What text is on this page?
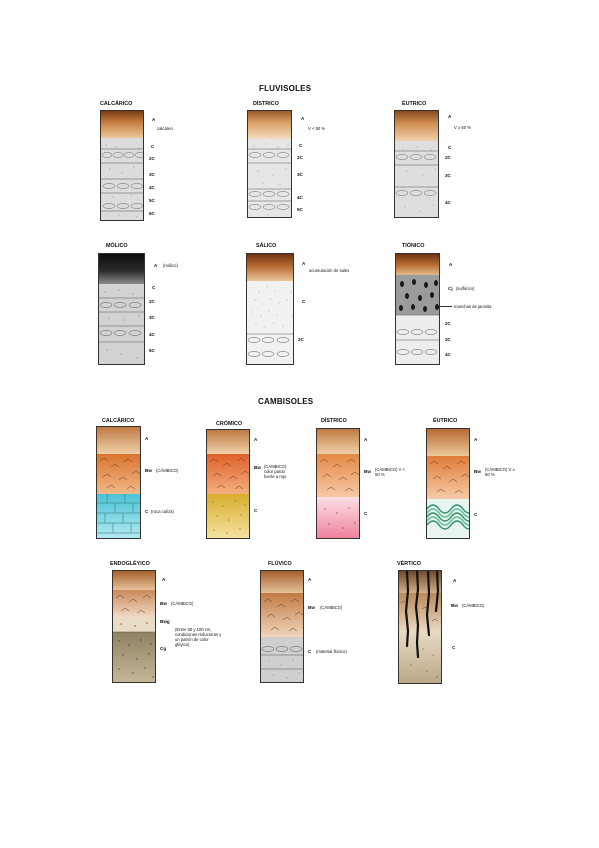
FLUVISOLES
CALCÁRICO
A
calcáreo
C
2C
3C
4C
5C
6C
DÍSTRICO
A
V < 50 %
C
2C
3C
4C
5C
ÉUTRICO
A
V ≥ 50 %
C
2C
3C
4C
MÓLICO
A (mólico)
C
2C
3C
4C
5C
SÁLICO
A
acumulación de sales
C
2C
TIÓNICO
A
Cj (sulfúrico)
manchas de jarosita
2C
3C
4C
CAMBISOLES
CALCÁRICO
A
Bw (CÁMBICO)
C (roca caliza)
CRÓMICO
A
Bw (CÁMBICO) color pardo fuerte a rojo
C
DÍSTRICO
A
Bw (CÁMBICO) V < 50 %
C
ÉUTRICO
A
Bw (CÁMBICO) V ≥ 50 %
C
ENDOGLÉYICO
A
Bw (CÁMBICO)
Bwg
Cg
(Entre 50 y 100 cm, condiciones reductoras y un patrón de color gléyico)
FLÚVICO
A
Bw (CÁMBICO)
C (material flúvico)
VÉRTICO
A
Bw (CÁMBICO)
C
